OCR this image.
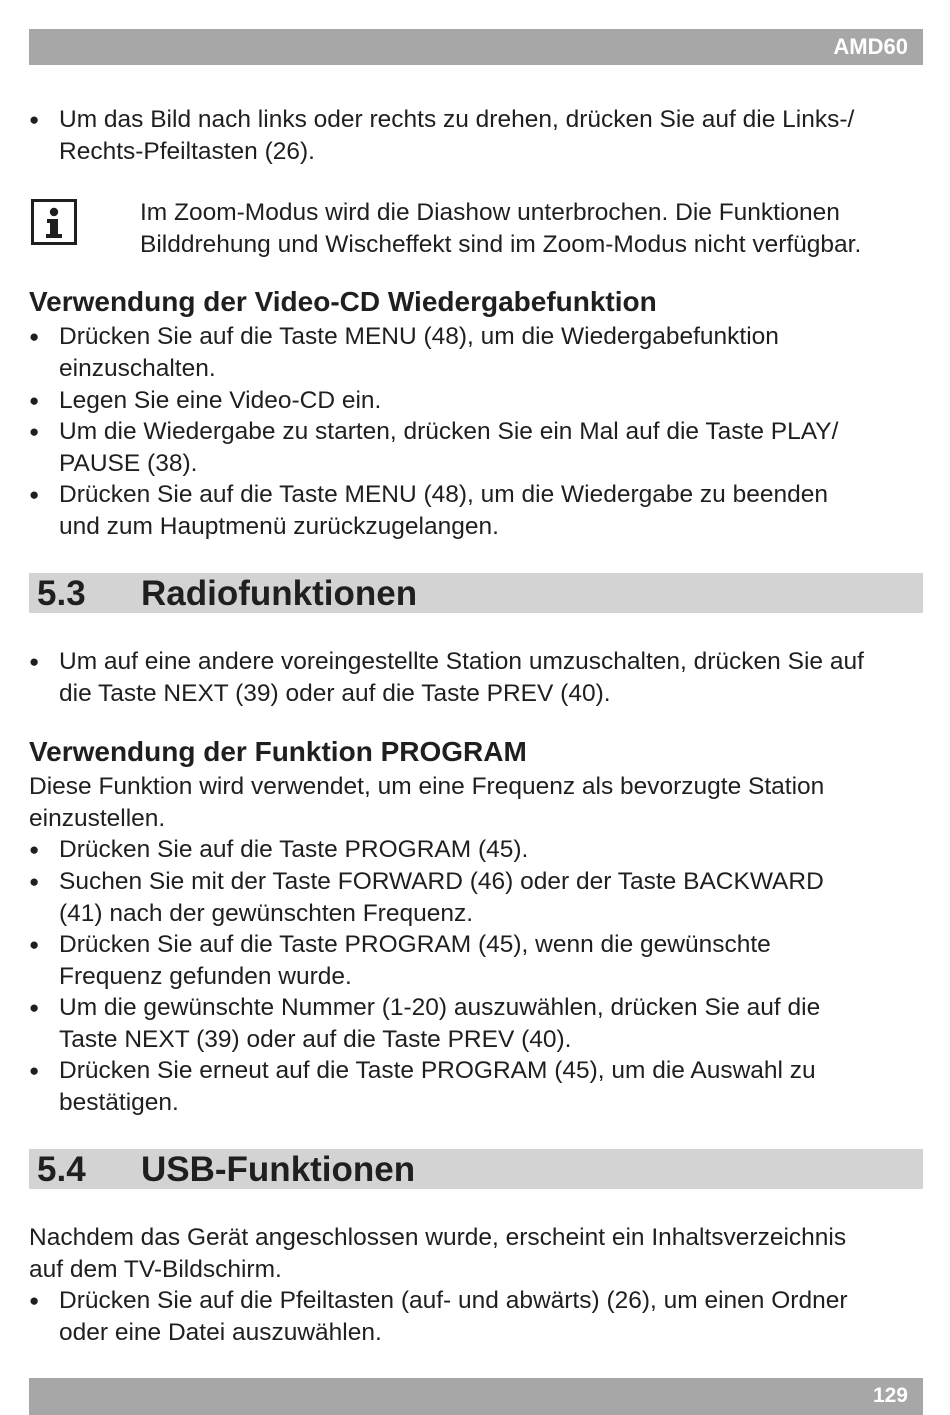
AMD60
● Um das Bild nach links oder rechts zu drehen, drücken Sie auf die Links-/
Rechts-Pfeiltasten (26).
Im Zoom-Modus wird die Diashow unterbrochen. Die Funktionen
Bilddrehung und Wischeffekt sind im Zoom-Modus nicht verfügbar.
Verwendung der Video-CD Wiedergabefunktion
● Drücken Sie auf die Taste MENU (48), um die Wiedergabefunktion
einzuschalten.
● Legen Sie eine Video-CD ein.
● Um die Wiedergabe zu starten, drücken Sie ein Mal auf die Taste PLAY/
PAUSE (38).
● Drücken Sie auf die Taste MENU (48), um die Wiedergabe zu beenden
und zum Hauptmenü zurückzugelangen.
5.3 Radiofunktionen
● Um auf eine andere voreingestellte Station umzuschalten, drücken Sie auf
die Taste NEXT (39) oder auf die Taste PREV (40).
Verwendung der Funktion PROGRAM
Diese Funktion wird verwendet, um eine Frequenz als bevorzugte Station
einzustellen.
● Drücken Sie auf die Taste PROGRAM (45).
● Suchen Sie mit der Taste FORWARD (46) oder der Taste BACKWARD
(41) nach der gewünschten Frequenz.
● Drücken Sie auf die Taste PROGRAM (45), wenn die gewünschte
Frequenz gefunden wurde.
● Um die gewünschte Nummer (1-20) auszuwählen, drücken Sie auf die
Taste NEXT (39) oder auf die Taste PREV (40).
● Drücken Sie erneut auf die Taste PROGRAM (45), um die Auswahl zu
bestätigen.
5.4 USB-Funktionen
Nachdem das Gerät angeschlossen wurde, erscheint ein Inhaltsverzeichnis
auf dem TV-Bildschirm.
● Drücken Sie auf die Pfeiltasten (auf- und abwärts) (26), um einen Ordner
oder eine Datei auszuwählen.
129
